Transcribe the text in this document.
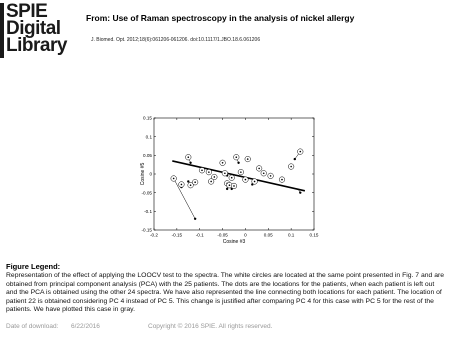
SPIE
Digital
Library
From: Use of Raman spectroscopy in the analysis of nickel allergy
J. Biomed. Opt. 2012;18(6):061206-061206. doi:10.1117/1.JBO.18.6.061206
-0.2	-0.15	-0.1	-0.05	0	0.05	0.1	0.15
0.15
0.1
0.05
0
-0.05
-0.1
-0.15
Cosine #3
Cosine #5
Figure Legend:
Representation of the effect of applying the LOOCV test to the spectra. The white circles are located at the same point presented in Fig. 7 and are obtained from principal component analysis (PCA) with the 25 patients. The dots are the locations for the patients, when each patient is left out and the PCA is obtained using the other 24 spectra. We have also represented the line connecting both locations for each patient. The location of patient 22 is obtained considering PC 4 instead of PC 5. This change is justified after comparing PC 4 for this case with PC 5 for the rest of the patients. We have plotted this case in gray.
Date of download: 6/22/2016	Copyright © 2016 SPIE. All rights reserved.
